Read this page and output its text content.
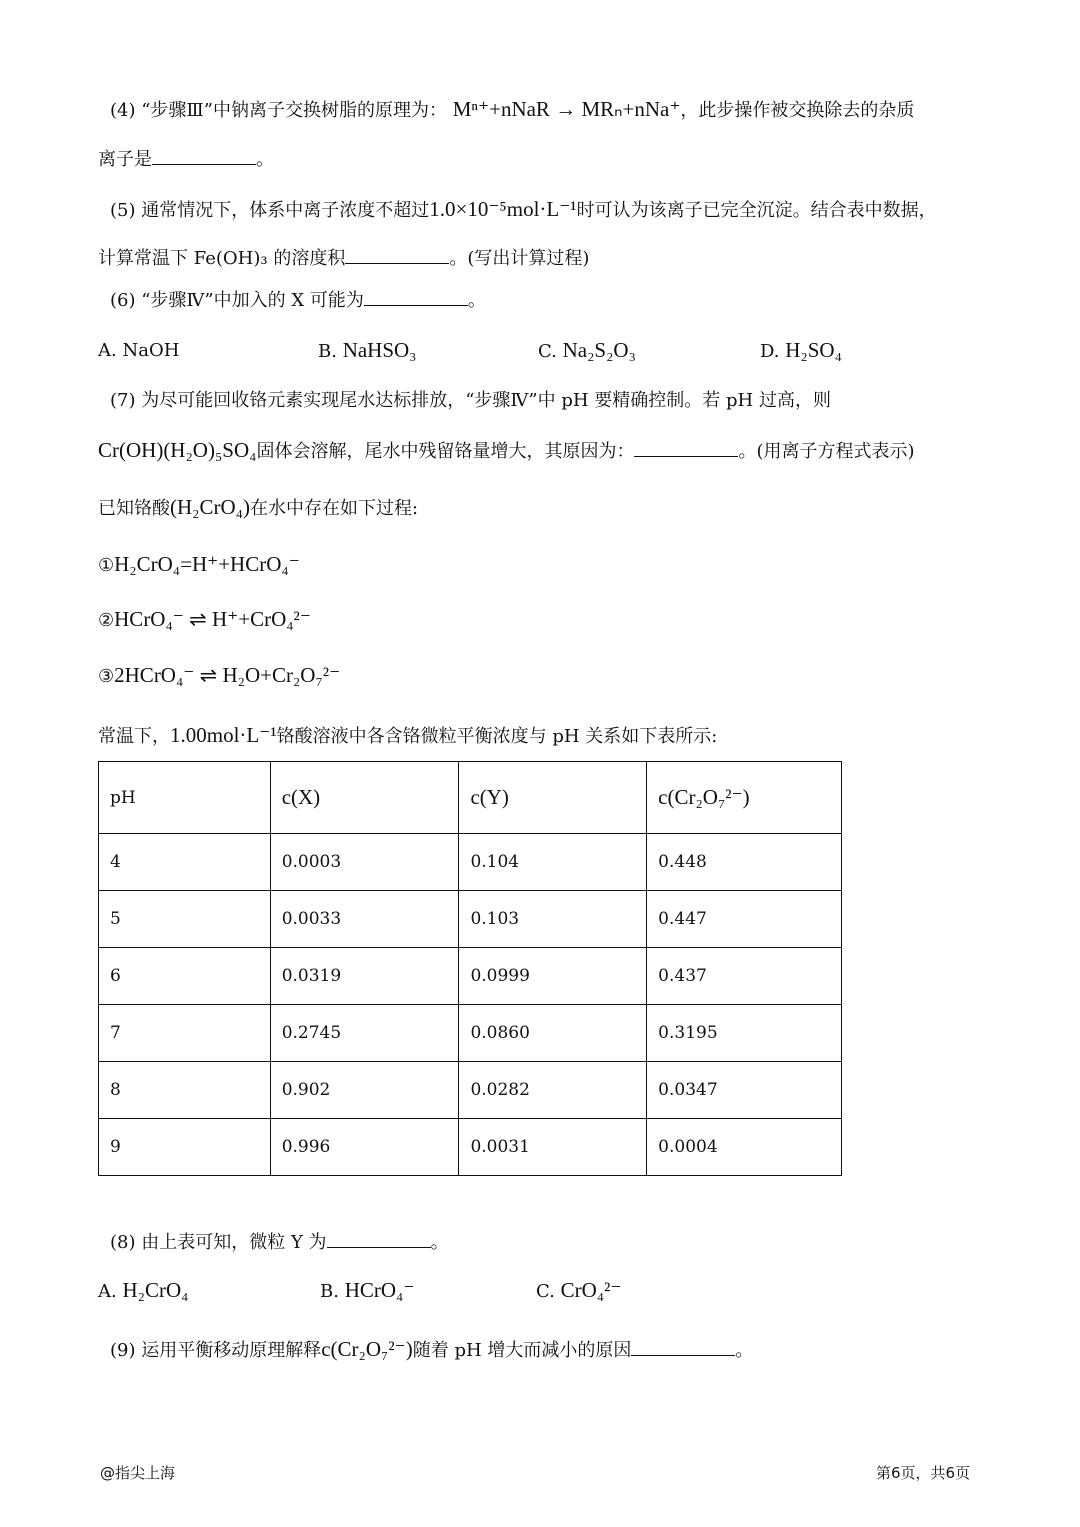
(4) “步骤Ⅲ”中钠离子交换树脂的原理为： Mⁿ⁺+nNaR → MRₙ+nNa⁺，此步操作被交换除去的杂质
离子是	。
(5) 通常情况下，体系中离子浓度不超过1.0×10⁻⁵mol·L⁻¹时可认为该离子已完全沉淀。结合表中数据，
计算常温下 Fe(OH)₃ 的溶度积	。(写出计算过程)
(6) “步骤Ⅳ”中加入的 X 可能为	。
A. NaOH	B. NaHSO₃	C. Na₂S₂O₃	D. H₂SO₄
(7) 为尽可能回收铬元素实现尾水达标排放，“步骤Ⅳ”中 pH 要精确控制。若 pH 过高，则
Cr(OH)(H₂O)₅SO₄固体会溶解，尾水中残留铬量增大，其原因为：	。(用离子方程式表示)
已知铬酸(H₂CrO₄)在水中存在如下过程:
①H₂CrO₄=H⁺+HCrO₄⁻
②HCrO₄⁻ ⇌ H⁺+CrO₄²⁻
③2HCrO₄⁻ ⇌ H₂O+Cr₂O₇²⁻
常温下，1.00mol·L⁻¹铬酸溶液中各含铬微粒平衡浓度与 pH 关系如下表所示:
pH	c(X)	c(Y)	c(Cr₂O₇²⁻)
4	0.0003	0.104	0.448
5	0.0033	0.103	0.447
6	0.0319	0.0999	0.437
7	0.2745	0.0860	0.3195
8	0.902	0.0282	0.0347
9	0.996	0.0031	0.0004
(8) 由上表可知，微粒 Y 为	。
A. H₂CrO₄	B. HCrO₄⁻	C. CrO₄²⁻
(9) 运用平衡移动原理解释c(Cr₂O₇²⁻)随着 pH 增大而减小的原因	。
@指尖上海	第6页，共6页
